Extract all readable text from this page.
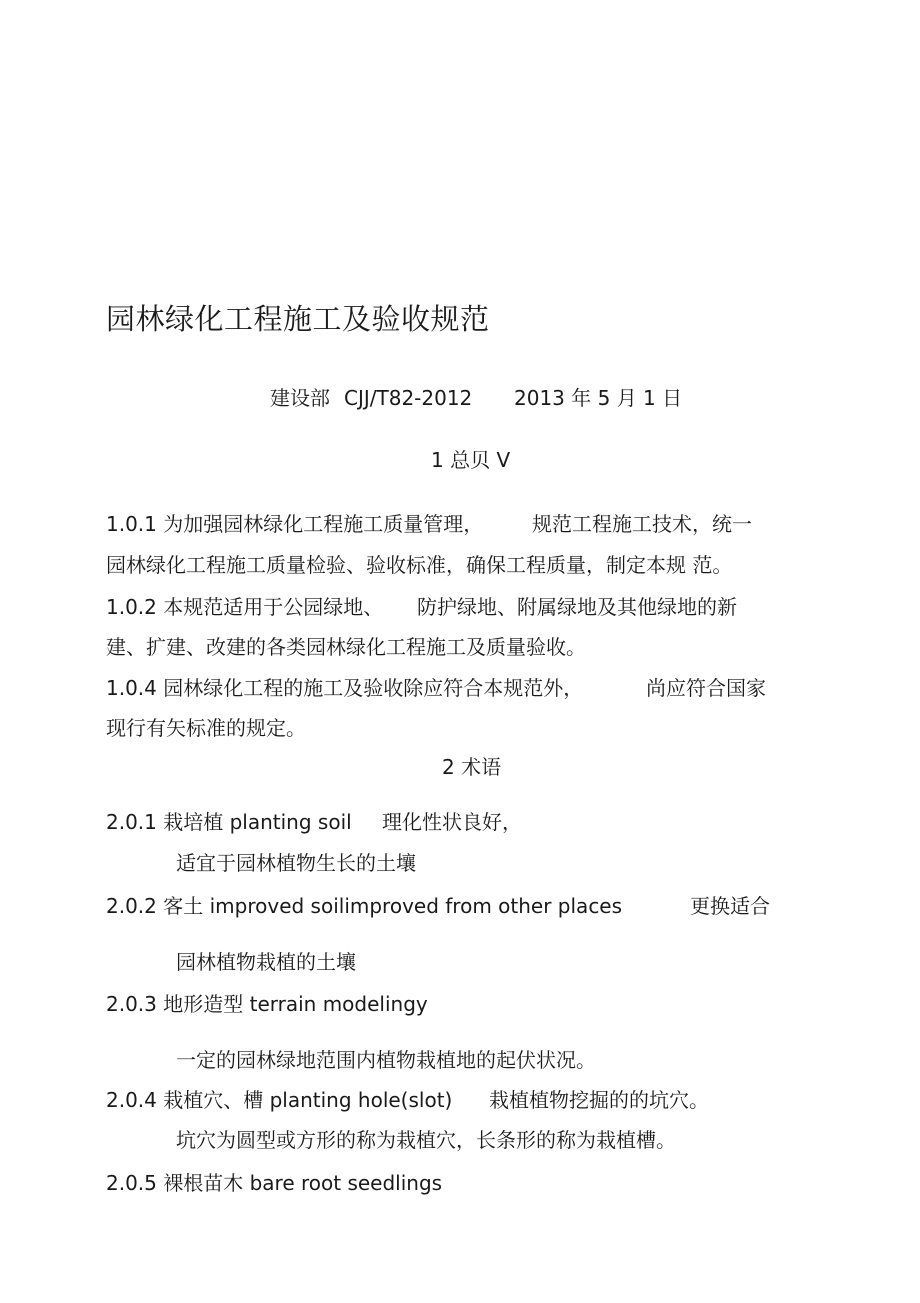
园林绿化工程施工及验收规范
建设部 CJJ/T82-2012 2013 年 5 月 1 日
1 总贝 V
1.0.1 为加强园林绿化工程施工质量管理， 规范工程施工技术，统一
园林绿化工程施工质量检验、验收标准，确保工程质量，制定本规 范。
1.0.2 本规范适用于公园绿地、 防护绿地、附属绿地及其他绿地的新
建、扩建、改建的各类园林绿化工程施工及质量验收。
1.0.4 园林绿化工程的施工及验收除应符合本规范外，	尚应符合国家
现行有矢标准的规定。
2 术语
2.0.1 栽培植 planting soil 理化性状良好，
适宜于园林植物生长的土壤
2.0.2 客土 improved soilimproved from other places	更换适合
园林植物栽植的土壤
2.0.3 地形造型 terrain modelingy
一定的园林绿地范围内植物栽植地的起伏状况。
2.0.4 栽植穴、槽 planting hole(slot) 栽植植物挖掘的的坑穴。
坑穴为圆型或方形的称为栽植穴，长条形的称为栽植槽。
2.0.5 裸根苗木 bare root seedlings
